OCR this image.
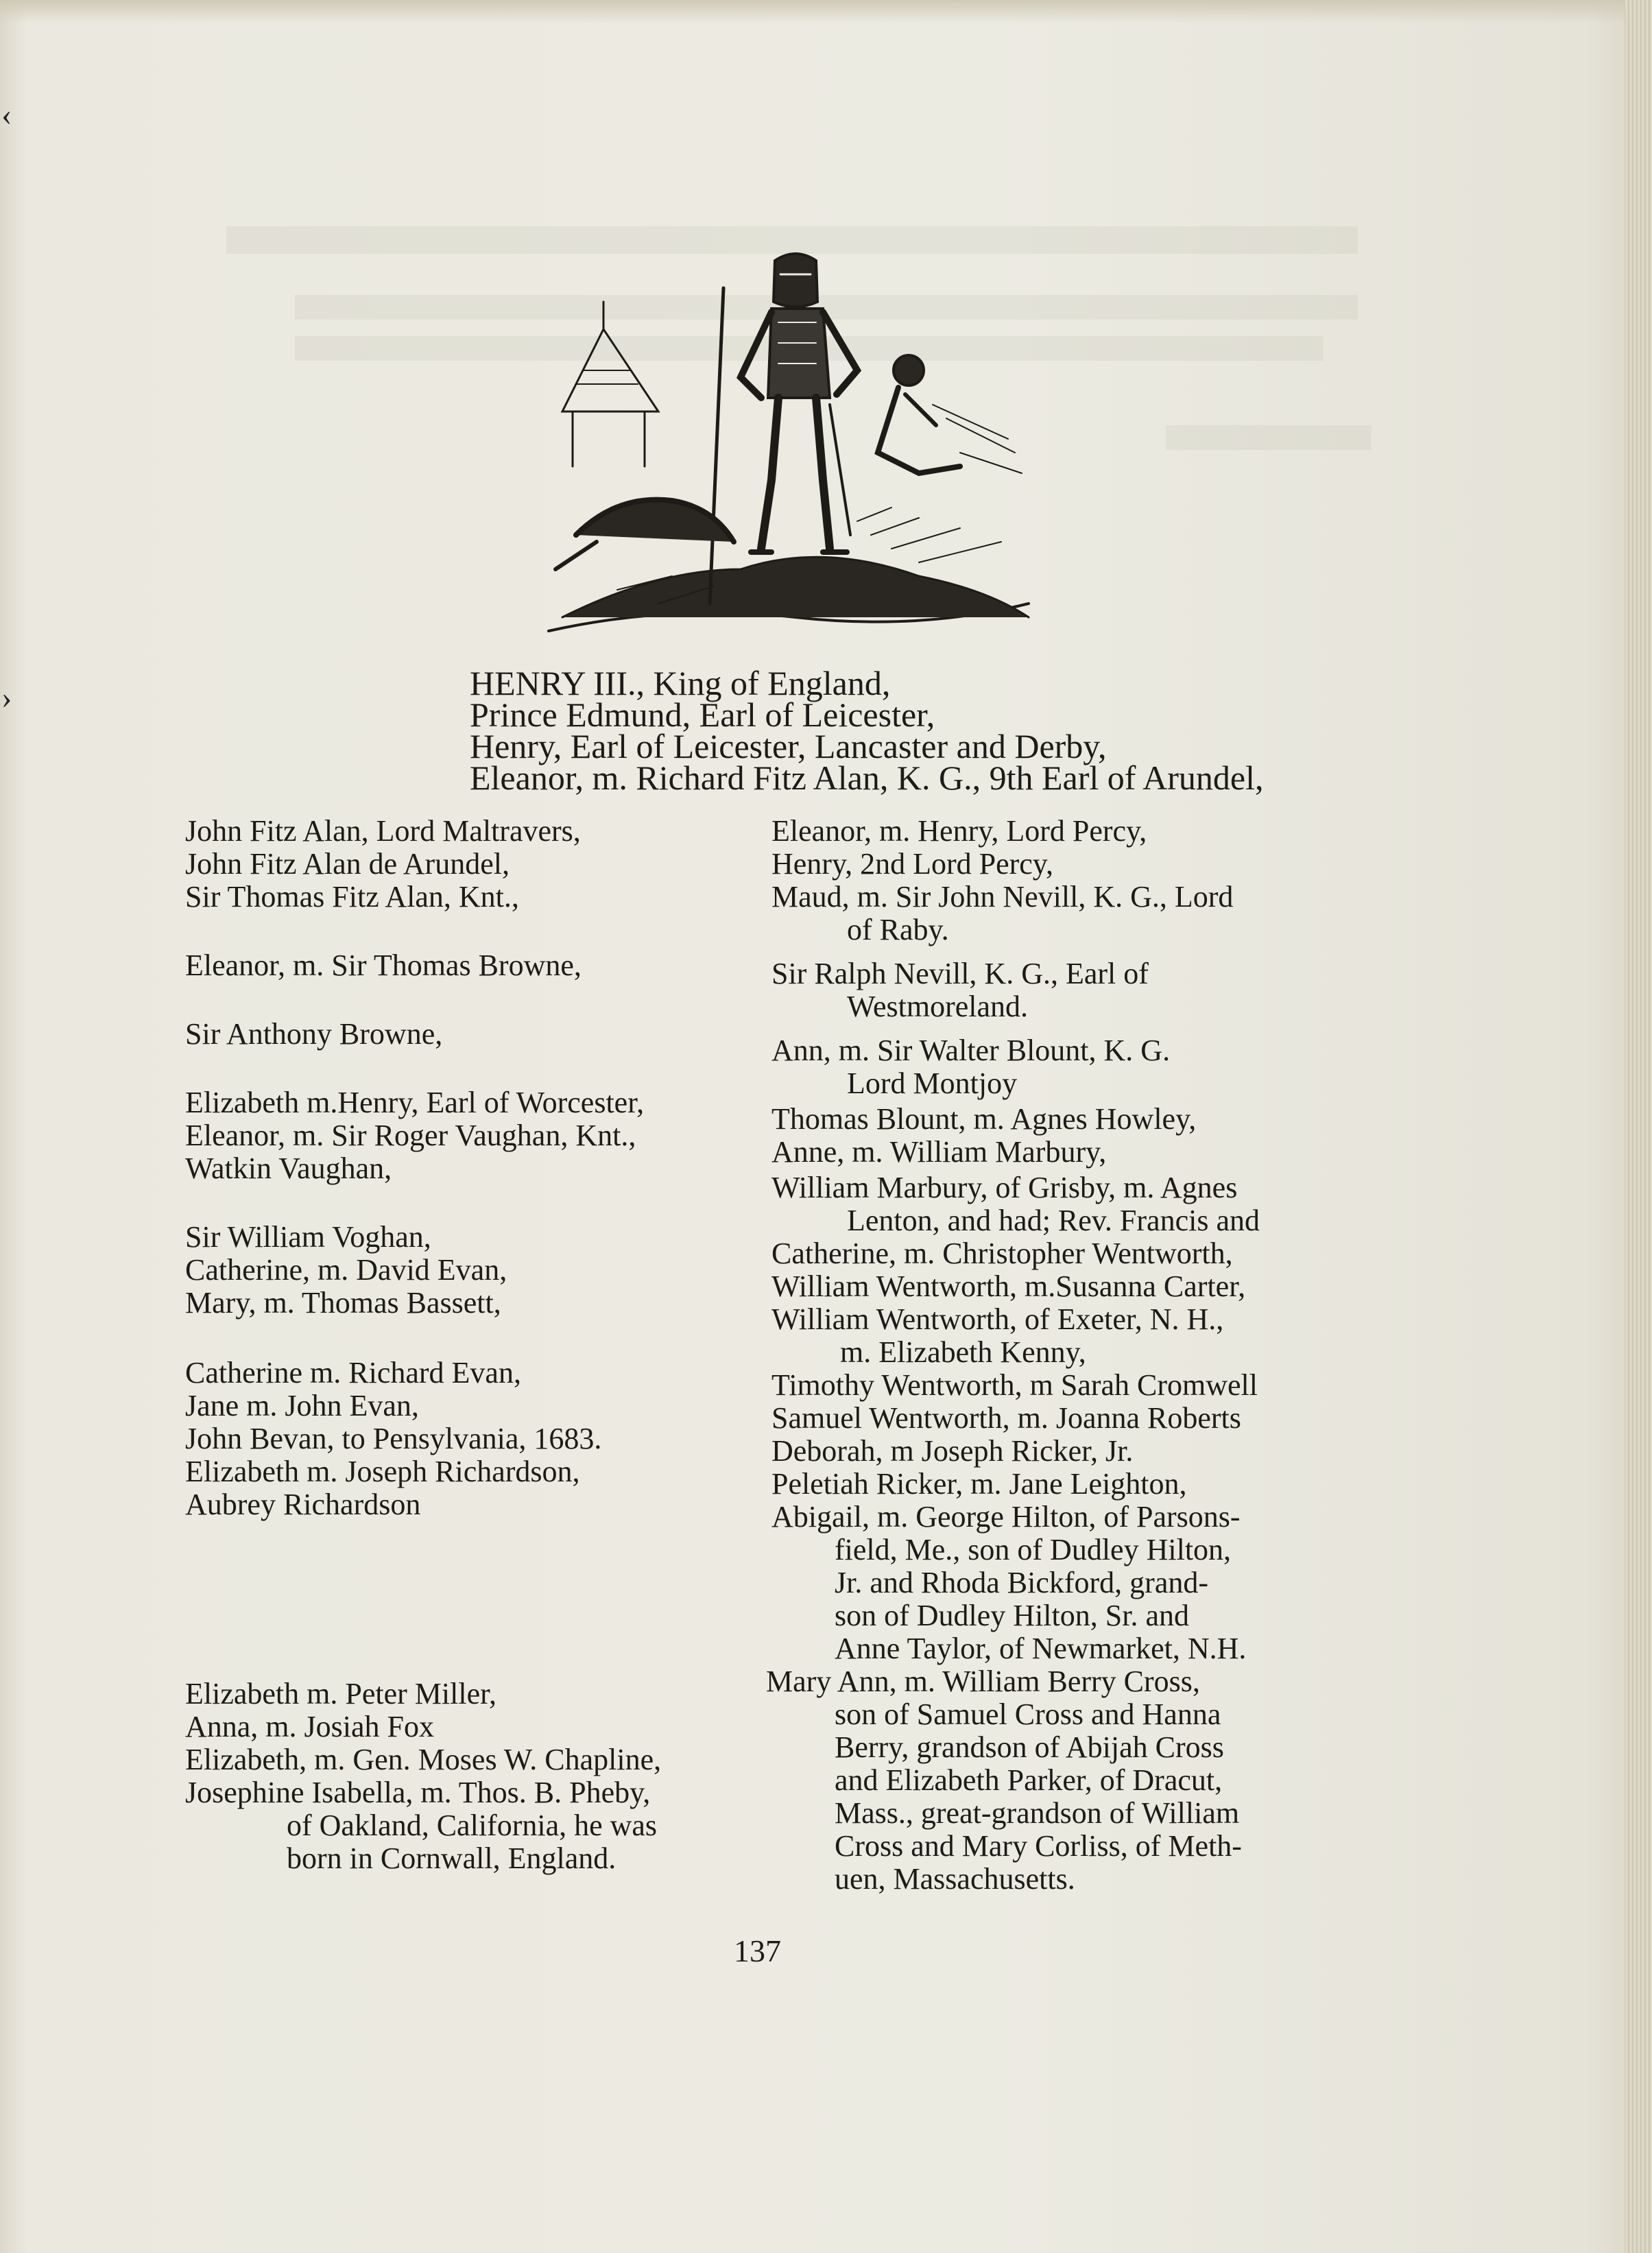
‹
›	HENRY III., King of England,
Prince Edmund, Earl of Leicester,
Henry, Earl of Leicester, Lancaster and Derby,
Eleanor, m. Richard Fitz Alan, K. G., 9th Earl of Arundel,
John Fitz Alan, Lord Maltravers,
John Fitz Alan de Arundel,
Sir Thomas Fitz Alan, Knt.,
Eleanor, m. Sir Thomas Browne,
Sir Anthony Browne,
Elizabeth m.Henry, Earl of Worcester,
Eleanor, m. Sir Roger Vaughan, Knt.,
Watkin Vaughan,
Sir William Voghan,
Catherine, m. David Evan,
Mary, m. Thomas Bassett,
Catherine m. Richard Evan,
Jane m. John Evan,
John Bevan, to Pensylvania, 1683.
Elizabeth m. Joseph Richardson,
Aubrey Richardson
Elizabeth m. Peter Miller,
Anna, m. Josiah Fox
Elizabeth, m. Gen. Moses W. Chapline,
Josephine Isabella, m. Thos. B. Pheby,
of Oakland, California, he was
born in Cornwall, England.
Eleanor, m. Henry, Lord Percy,
Henry, 2nd Lord Percy,
Maud, m. Sir John Nevill, K. G., Lord
of Raby.
Sir Ralph Nevill, K. G., Earl of
Westmoreland.
Ann, m. Sir Walter Blount, K. G.
Lord Montjoy
Thomas Blount, m. Agnes Howley,
Anne, m. William Marbury,
William Marbury, of Grisby, m. Agnes
Lenton, and had; Rev. Francis and
Catherine, m. Christopher Wentworth,
William Wentworth, m.Susanna Carter,
William Wentworth, of Exeter, N. H.,
m. Elizabeth Kenny,
Timothy Wentworth, m Sarah Cromwell
Samuel Wentworth, m. Joanna Roberts
Deborah, m Joseph Ricker, Jr.
Peletiah Ricker, m. Jane Leighton,
Abigail, m. George Hilton, of Parsons-
field, Me., son of Dudley Hilton,
Jr. and Rhoda Bickford, grand-
son of Dudley Hilton, Sr. and
Anne Taylor, of Newmarket, N.H.
Mary Ann, m. William Berry Cross,
son of Samuel Cross and Hanna
Berry, grandson of Abijah Cross
and Elizabeth Parker, of Dracut,
Mass., great-grandson of William
Cross and Mary Corliss, of Meth-
uen, Massachusetts.
137
